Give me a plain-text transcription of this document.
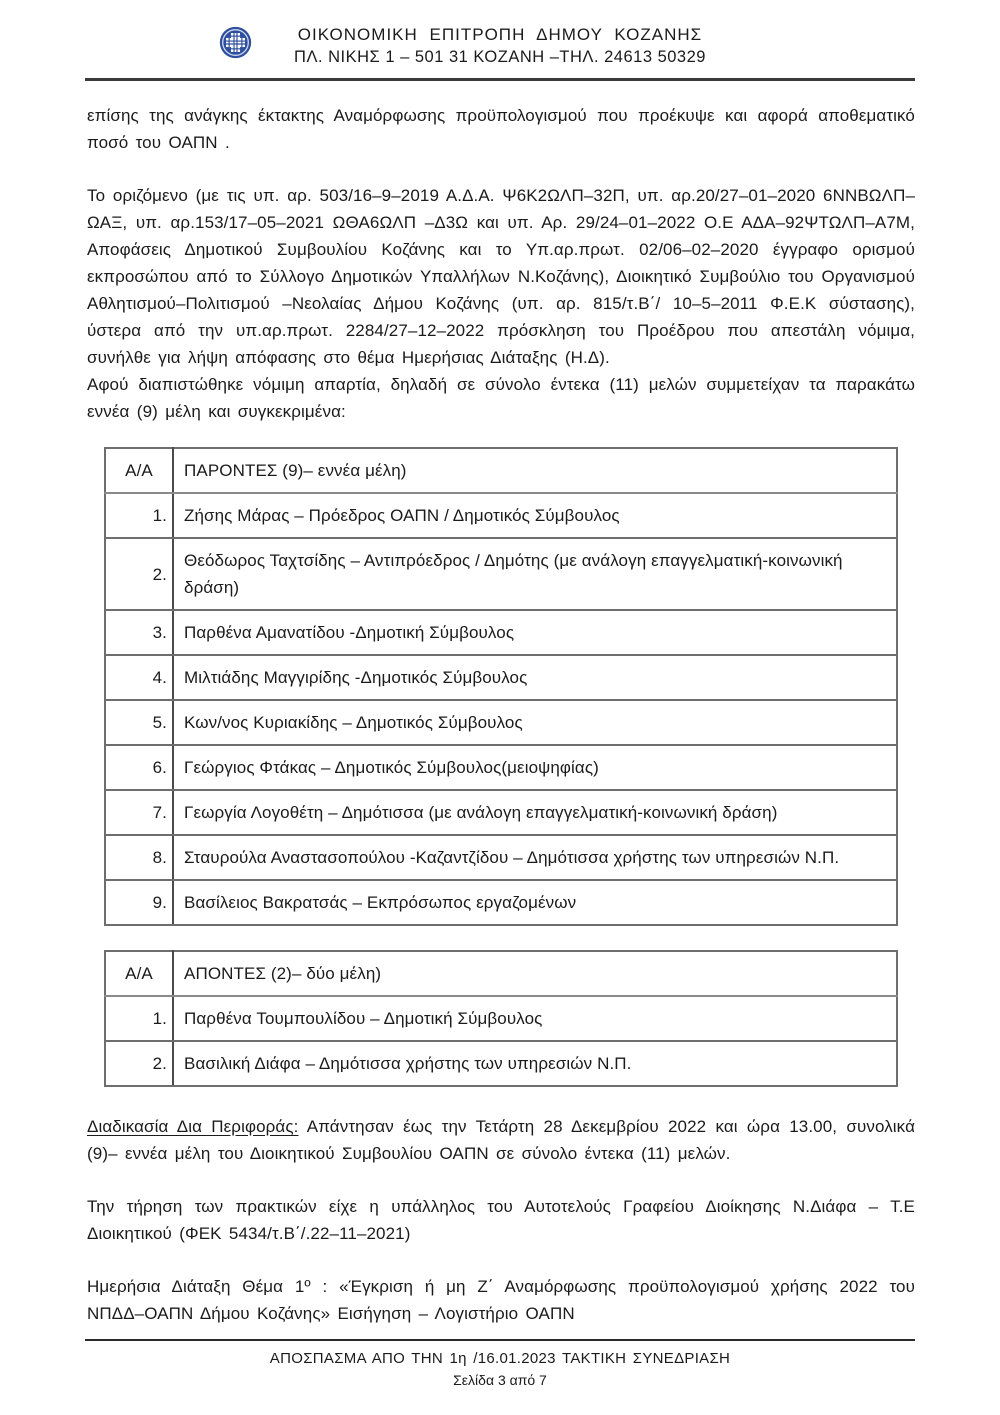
ΟΙΚΟΝΟΜΙΚΗ ΕΠΙΤΡΟΠΗ ΔΗΜΟΥ ΚΟΖΑΝΗΣ
ΠΛ. ΝΙΚΗΣ 1 – 501 31 ΚΟΖΑΝΗ –ΤΗΛ. 24613 50329

επίσης της ανάγκης έκτακτης Αναμόρφωσης προϋπολογισμού που προέκυψε και αφορά αποθεματικό ποσό του ΟΑΠΝ .

Το οριζόμενο (με τις υπ. αρ. 503/16–9–2019 Α.Δ.Α. Ψ6Κ2ΩΛΠ–32Π, υπ. αρ.20/27–01–2020 6ΝΝΒΩΛΠ–ΩΑΞ, υπ. αρ.153/17–05–2021 ΩΘΑ6ΩΛΠ –Δ3Ω και υπ. Αρ. 29/24–01–2022 Ο.Ε ΑΔΑ–92ΨΤΩΛΠ–Α7Μ, Αποφάσεις Δημοτικού Συμβουλίου Κοζάνης και το Υπ.αρ.πρωτ. 02/06–02–2020 έγγραφο ορισμού εκπροσώπου από το Σύλλογο Δημοτικών Υπαλλήλων Ν.Κοζάνης), Διοικητικό Συμβούλιο του Οργανισμού Αθλητισμού–Πολιτισμού –Νεολαίας Δήμου Κοζάνης (υπ. αρ. 815/τ.Β΄/ 10–5–2011 Φ.Ε.Κ σύστασης), ύστερα από την υπ.αρ.πρωτ. 2284/27–12–2022 πρόσκληση του Προέδρου που απεστάλη νόμιμα, συνήλθε για λήψη απόφασης στο θέμα Ημερήσιας Διάταξης (Η.Δ).

Αφού διαπιστώθηκε νόμιμη απαρτία, δηλαδή σε σύνολο έντεκα (11) μελών συμμετείχαν τα παρακάτω εννέα (9) μέλη και συγκεκριμένα:

Α/Α	ΠΑΡΟΝΤΕΣ (9)– εννέα μέλη)
1.	Ζήσης Μάρας – Πρόεδρος ΟΑΠΝ / Δημοτικός Σύμβουλος
2.	Θεόδωρος Ταχτσίδης – Αντιπρόεδρος / Δημότης (με ανάλογη επαγγελματική-κοινωνική δράση)
3.	Παρθένα Αμανατίδου -Δημοτική Σύμβουλος
4.	Μιλτιάδης Μαγγιρίδης -Δημοτικός Σύμβουλος
5.	Κων/νος Κυριακίδης – Δημοτικός Σύμβουλος
6.	Γεώργιος Φτάκας – Δημοτικός Σύμβουλος(μειοψηφίας)
7.	Γεωργία Λογοθέτη – Δημότισσα (με ανάλογη επαγγελματική-κοινωνική δράση)
8.	Σταυρούλα Αναστασοπούλου -Καζαντζίδου – Δημότισσα χρήστης των υπηρεσιών Ν.Π.
9.	Βασίλειος Βακρατσάς – Εκπρόσωπος εργαζομένων
Α/Α	ΑΠΟΝΤΕΣ (2)– δύο μέλη)
1.	Παρθένα Τουμπουλίδου – Δημοτική Σύμβουλος
2.	Βασιλική Διάφα – Δημότισσα χρήστης των υπηρεσιών Ν.Π.

Διαδικασία Δια Περιφοράς: Απάντησαν έως την Τετάρτη 28 Δεκεμβρίου 2022 και ώρα 13.00, συνολικά (9)– εννέα μέλη του Διοικητικού Συμβουλίου ΟΑΠΝ σε σύνολο έντεκα (11) μελών.

Την τήρηση των πρακτικών είχε η υπάλληλος του Αυτοτελούς Γραφείου Διοίκησης Ν.Διάφα – Τ.Ε Διοικητικού (ΦΕΚ 5434/τ.Β΄/.22–11–2021)

Ημερήσια Διάταξη Θέμα 1º : «Έγκριση ή μη Ζ΄ Αναμόρφωσης προϋπολογισμού χρήσης 2022 του ΝΠΔΔ–ΟΑΠΝ Δήμου Κοζάνης» Εισήγηση – Λογιστήριο ΟΑΠΝ

ΑΠΟΣΠΑΣΜΑ ΑΠΟ ΤΗΝ 1η /16.01.2023 ΤΑΚΤΙΚΗ ΣΥΝΕΔΡΙΑΣΗ
Σελίδα 3 από 7
